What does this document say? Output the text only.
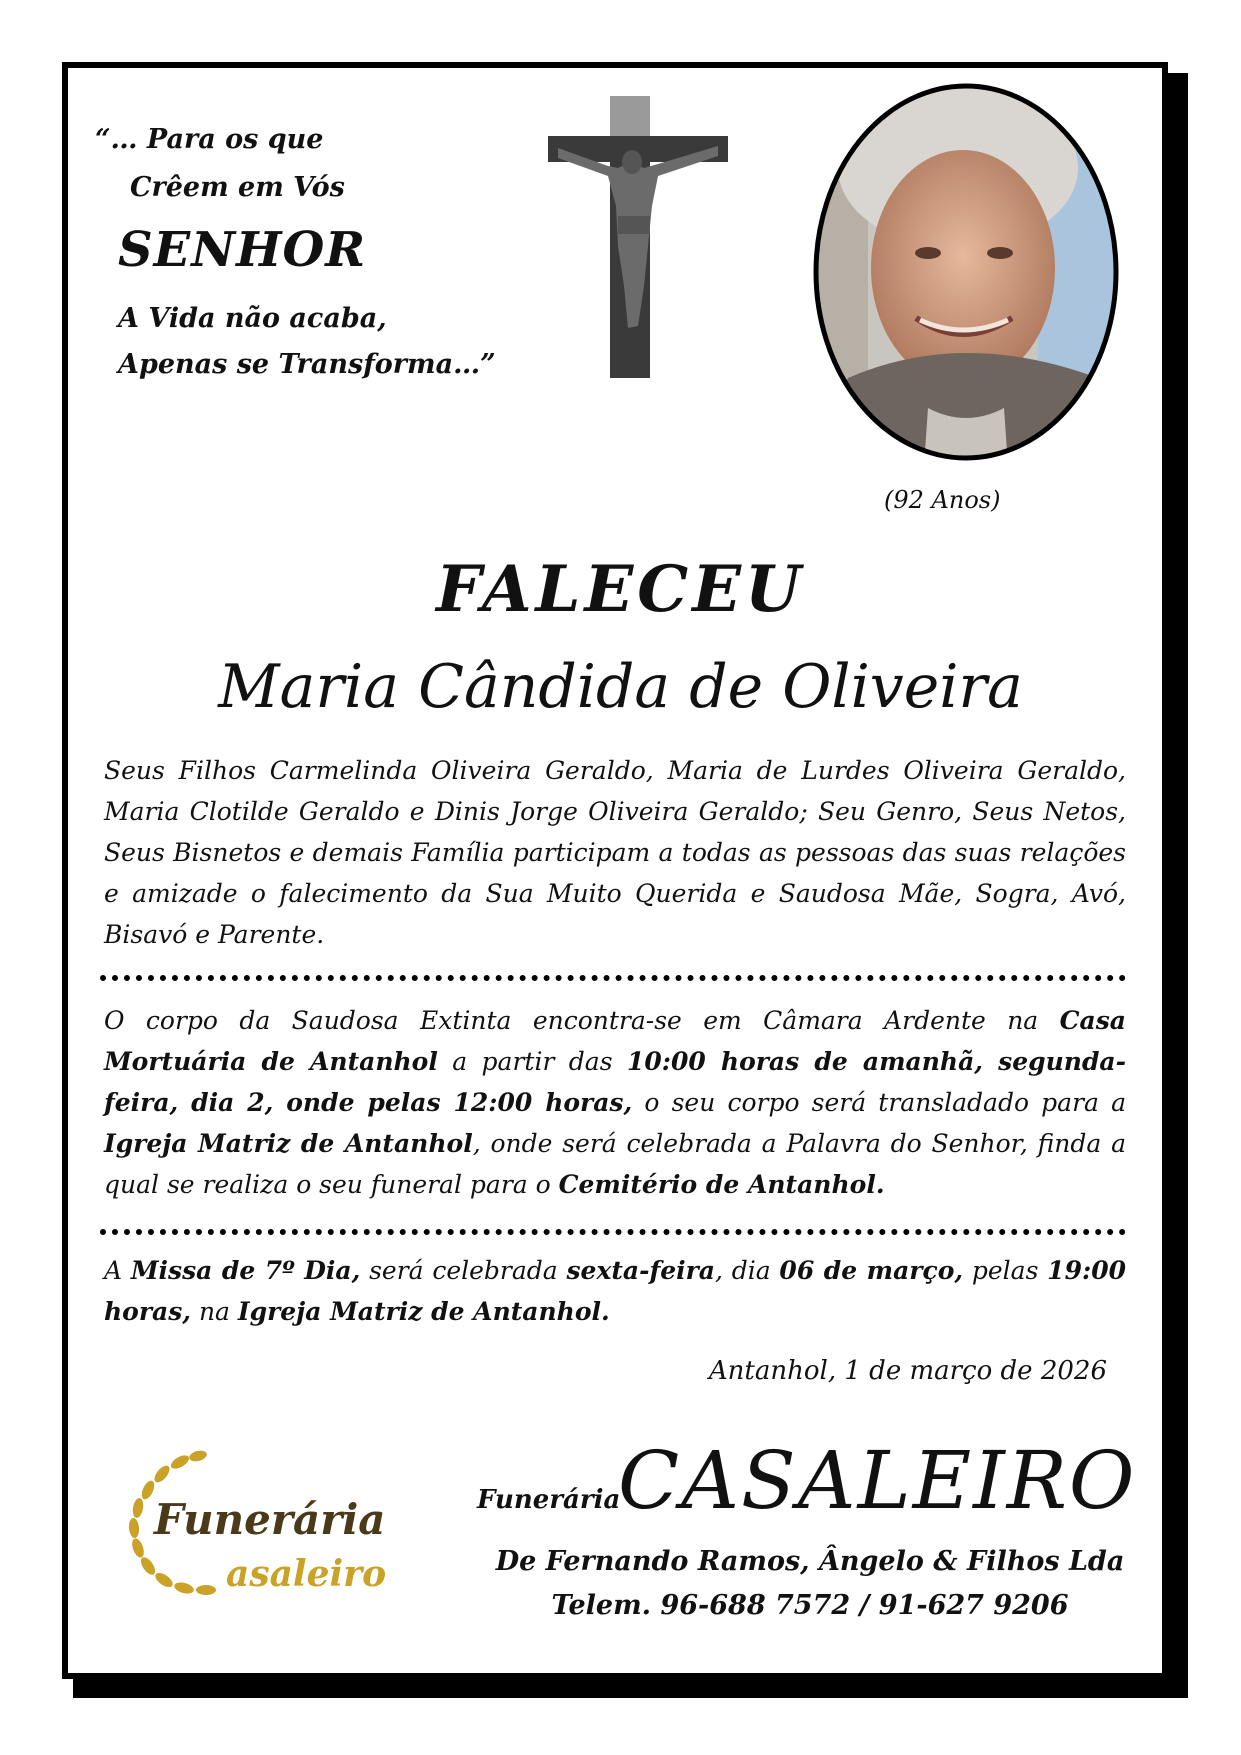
“… Para os que
Crêem em Vós
SENHOR
A Vida não acaba,
Apenas se Transforma…”
(92 Anos)
FALECEU
Maria Cândida de Oliveira
Seus Filhos Carmelinda Oliveira Geraldo, Maria de Lurdes Oliveira Geraldo, Maria Clotilde Geraldo e Dinis Jorge Oliveira Geraldo; Seu Genro, Seus Netos, Seus Bisnetos e demais Família participam a todas as pessoas das suas relações e amizade o falecimento da Sua Muito Querida e Saudosa Mãe, Sogra, Avó, Bisavó e Parente.
O corpo da Saudosa Extinta encontra-se em Câmara Ardente na Casa Mortuária de Antanhol a partir das 10:00 horas de amanhã, segunda-feira, dia 2, onde pelas 12:00 horas, o seu corpo será transladado para a Igreja Matriz de Antanhol, onde será celebrada a Palavra do Senhor, finda a qual se realiza o seu funeral para o Cemitério de Antanhol.
A Missa de 7º Dia, será celebrada sexta-feira, dia 06 de março, pelas 19:00 horas, na Igreja Matriz de Antanhol.
Antanhol, 1 de março de 2026
Funerária
asaleiro
Funerária
CASALEIRO
De Fernando Ramos, Ângelo & Filhos Lda
Telem. 96-688 7572 / 91-627 9206
